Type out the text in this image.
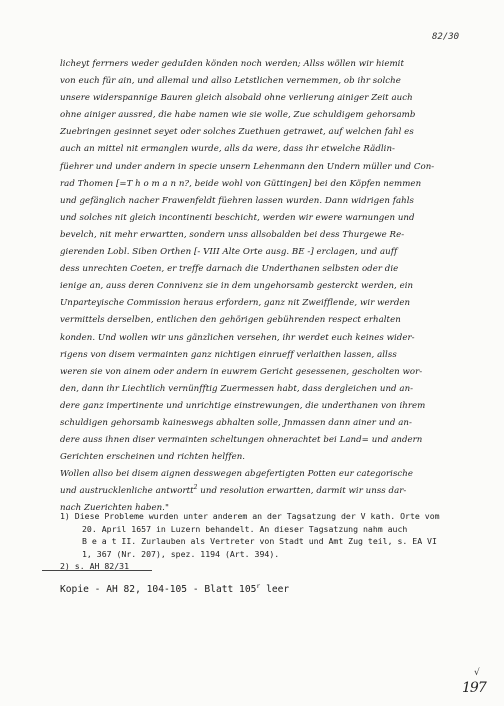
82/30
licheyt ferrners weder geduIden könden noch werden; Allss wöllen wir hiemit
von euch für ain, und allemal und allso Letstlichen vernemmen, ob ihr solche
unsere widerspannige Bauren gleich alsobald ohne verlierung ainiger Zeit auch
ohne ainiger aussred, die habe namen wie sie wolle, Zue schuldigem gehorsamb
Zuebringen gesinnet seyet oder solches Zuethuen getrawet, auf welchen fahl es
auch an mittel nit ermanglen wurde, alls da were, dass ihr etwelche Rädlin-
füehrer und under andern in specie unsern Lehenmann den Undern müller und Con-
rad Thomen [=T h o m a n n?, beide wohl von Güttingen] bei den Köpfen nemmen
und gefänglich nacher Frawenfeldt füehren lassen wurden. Dann widrigen fahls
und solches nit gleich incontinenti beschicht, werden wir ewere warnungen und
bevelch, nit mehr erwartten, sondern unss allsobalden bei dess Thurgewe Re-
gierenden Lobl. Siben Orthen [- VIII Alte Orte ausg. BE -] erclagen, und auff
dess unrechten Coeten, er treffe darnach die Underthanen selbsten oder die
ienige an, auss deren Connivenz sie in dem ungehorsamb gesterckt werden, ein
Unparteyische Commission heraus erfordern, ganz nit Zweifflende, wir werden
vermittels derselben, entlichen den gehörigen gebührenden respect erhalten
konden. Und wollen wir uns gänzlichen versehen, ihr werdet euch keines wider-
rigens von disem vermainten ganz nichtigen einrueff verlaithen lassen, allss
weren sie von ainem oder andern in euwrem Gericht gesessenen, gescholten wor-
den, dann ihr Liechtlich vernünfftig Zuermessen habt, dass dergleichen und an-
dere ganz impertinente und unrichtige einstrewungen, die underthanen von ihrem
schuldigen gehorsamb kaineswegs abhalten solle, Jnmassen dann ainer und an-
dere auss ihnen diser vermainten scheltungen ohnerachtet bei Land= und andern
Gerichten erscheinen und richten helffen.
Wollen allso bei disem aignen desswegen abgefertigten Potten eur categorische
und austrucklenliche antwortt$^2$ und resolution erwartten, darmit wir unss dar-
nach Zuerichten haben."
1) Diese Probleme wurden unter anderem an der Tagsatzung der V kath. Orte vom
20. April 1657 in Luzern behandelt. An dieser Tagsatzung nahm auch
B e a t II. Zurlauben als Vertreter von Stadt und Amt Zug teil, s. EA VI
1, 367 (Nr. 207), spez. 1194 (Art. 394).
2) s. AH 82/31
Kopie - AH 82, 104-105 - Blatt 105$^r$ leer
√
197
